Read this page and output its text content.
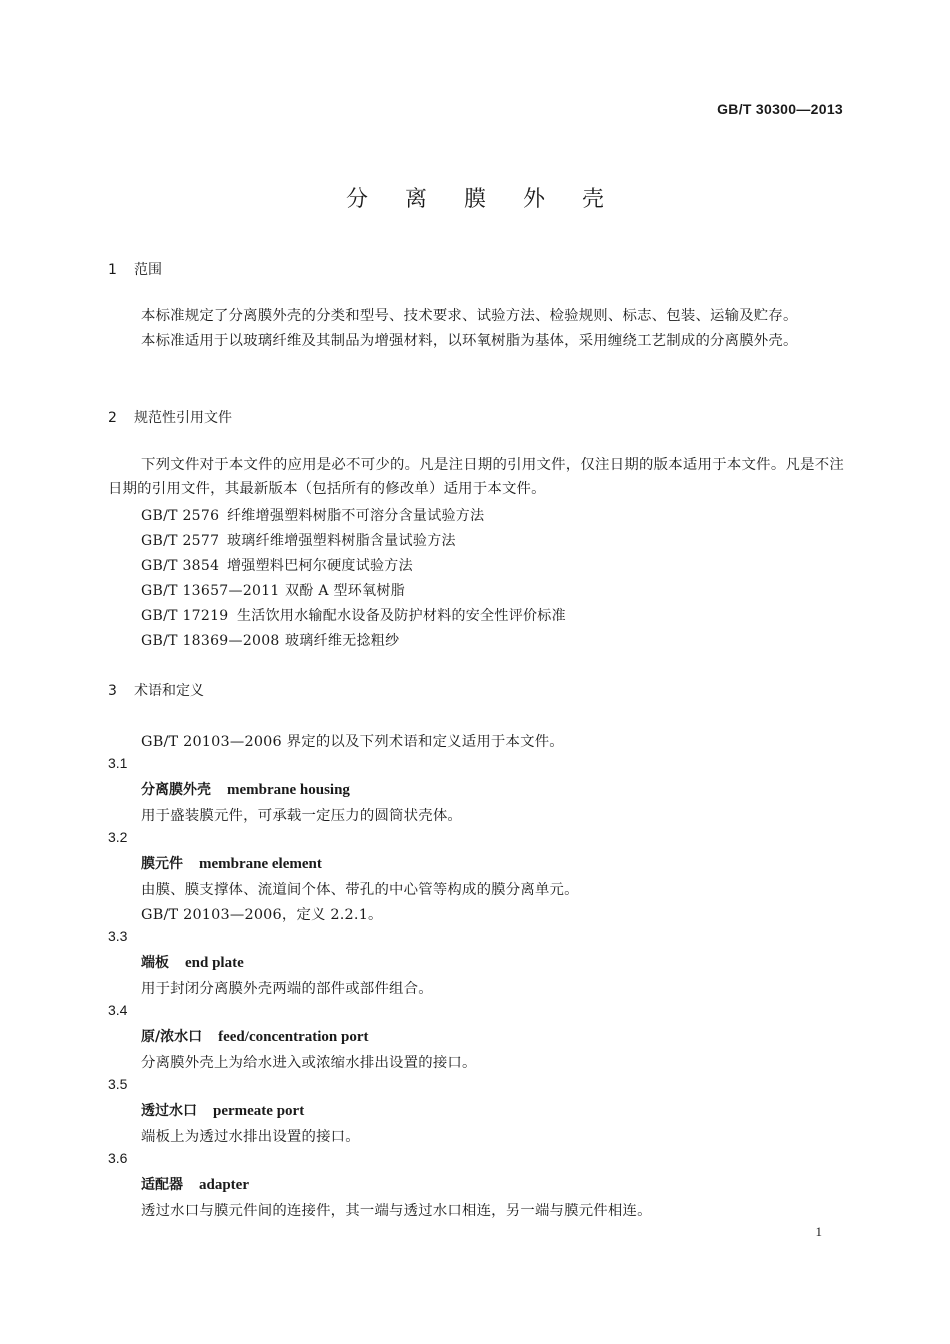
GB/T 30300—2013
分 离 膜 外 壳
1 范围
本标准规定了分离膜外壳的分类和型号、技术要求、试验方法、检验规则、标志、包装、运输及贮存。
本标准适用于以玻璃纤维及其制品为增强材料，以环氧树脂为基体，采用缠绕工艺制成的分离膜外壳。
2 规范性引用文件
下列文件对于本文件的应用是必不可少的。凡是注日期的引用文件，仅注日期的版本适用于本文件。凡是不注日期的引用文件，其最新版本（包括所有的修改单）适用于本文件。
GB/T 2576 纤维增强塑料树脂不可溶分含量试验方法
GB/T 2577 玻璃纤维增强塑料树脂含量试验方法
GB/T 3854 增强塑料巴柯尔硬度试验方法
GB/T 13657—2011 双酚 A 型环氧树脂
GB/T 17219 生活饮用水输配水设备及防护材料的安全性评价标准
GB/T 18369—2008 玻璃纤维无捻粗纱
3 术语和定义
GB/T 20103—2006 界定的以及下列术语和定义适用于本文件。
3.1
分离膜外壳 membrane housing
用于盛装膜元件，可承载一定压力的圆筒状壳体。
3.2
膜元件 membrane element
由膜、膜支撑体、流道间个体、带孔的中心管等构成的膜分离单元。
GB/T 20103—2006，定义 2.2.1。
3.3
端板 end plate
用于封闭分离膜外壳两端的部件或部件组合。
3.4
原/浓水口 feed/concentration port
分离膜外壳上为给水进入或浓缩水排出设置的接口。
3.5
透过水口 permeate port
端板上为透过水排出设置的接口。
3.6
适配器 adapter
透过水口与膜元件间的连接件，其一端与透过水口相连，另一端与膜元件相连。
1
